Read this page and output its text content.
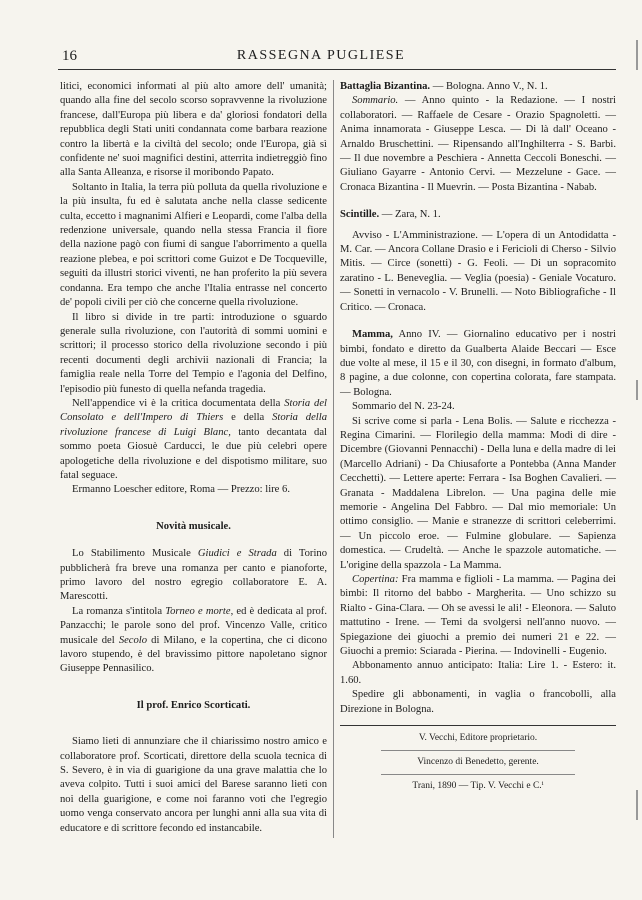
16	RASSEGNA PUGLIESE

litici, economici informati al più alto amore dell' umanità; quando alla fine del secolo scorso sopravvenne la rivoluzione francese, dall'Europa più libera e da' gloriosi fondatori della repubblica degli Stati uniti condannata come barbara reazione contro la libertà e la civiltà del secolo; onde l'Europa, già sì confidente ne' suoi magnifici destini, atterrita indietreggiò fino alla Santa Alleanza, e risorse il moribondo Papato.

Soltanto in Italia, la terra più polluta da quella rivoluzione e la più insulta, fu ed è salutata anche nella classe sedicente culta, eccetto i magnanimi Alfieri e Leopardi, come l'alba della redenzione universale, quando nella stessa Francia il fiore della nazione pagò con fiumi di sangue l'aborrimento a quella reazione plebea, e poi scrittori come Guizot e De Tocqueville, seguiti da illustri storici viventi, ne han proferito la più severa condanna. Era tempo che anche l'Italia entrasse nel concerto de' popoli civili per ciò che concerne quella rivoluzione.

Il libro si divide in tre parti: introduzione o sguardo generale sulla rivoluzione, con l'autorità di sommi uomini e scrittori; il processo storico della rivoluzione secondo i più recenti documenti degli archivii nazionali di Francia; la famiglia reale nella Torre del Tempio e l'agonia del Delfino, l'episodio più funesto di quella nefanda tragedia.

Nell'appendice vi è la critica documentata della Storia del Consolato e dell'Impero di Thiers e della Storia della rivoluzione francese di Luigi Blanc, tanto decantata dal sommo poeta Giosuè Carducci, le due più celebri opere apologetiche della rivoluzione e del dispotismo militare, suo fatal seguace.

Ermanno Loescher editore, Roma — Prezzo: lire 6.

Novità musicale.

Lo Stabilimento Musicale Giudici e Strada di Torino pubblicherà fra breve una romanza per canto e pianoforte, primo lavoro del nostro egregio collaboratore E. A. Marescotti.

La romanza s'intitola Torneo e morte, ed è dedicata al prof. Panzacchi; le parole sono del prof. Vincenzo Valle, critico musicale del Secolo di Milano, e la copertina, che ci dicono lavoro stupendo, è del bravissimo pittore napoletano signor Giuseppe Pennasilico.

Il prof. Enrico Scorticati.

Siamo lieti di annunziare che il chiarissimo nostro amico e collaboratore prof. Scorticati, direttore della scuola tecnica di S. Severo, è in via di guarigione da una grave malattia che lo aveva colpito. Tutti i suoi amici del Barese saranno lieti con noi della guarigione, e come noi faranno voti che l'egregio uomo venga conservato ancora per lunghi anni alla sua vita di educatore e di scrittore fecondo ed instancabile.

Battaglia Bizantina. — Bologna. Anno V., N. 1.

Sommario. — Anno quinto - la Redazione. — I nostri collaboratori. — Raffaele de Cesare - Orazio Spagnoletti. — Anima innamorata - Giuseppe Lesca. — Di là dall' Oceano - Arnaldo Bruschettini. — Ripensando all'Inghilterra - S. Barbi. — Il due novembre a Peschiera - Annetta Ceccoli Boneschi. — Giuliano Gayarre - Antonio Cervi. — Mezzelune - Gace. — Cronaca Bizantina - Il Muevrin. — Posta Bizantina - Nabab.

Scintille. — Zara, N. 1.

Avviso - L'Amministrazione. — L'opera di un Antodidatta - M. Car. — Ancora Collane Drasio e i Fericioli di Cherso - Silvio Mitis. — Circe (sonetti) - G. Feoli. — Di un sopracomito zaratino - L. Beneveglia. — Veglia (poesia) - Geniale Vocaturo. — Sonetti in vernacolo - V. Brunelli. — Noto Bibliografiche - Il Critico. — Cronaca.

Mamma, Anno IV. — Giornalino educativo per i nostri bimbi, fondato e diretto da Gualberta Alaide Beccari — Esce due volte al mese, il 15 e il 30, con disegni, in formato d'album, 8 pagine, a due colonne, con copertina colorata, fare stampata. — Bologna.

Sommario del N. 23-24.

Si scrive come si parla - Lena Bolis. — Salute e ricchezza - Regina Cimarini. — Florilegio della mamma: Modi di dire - Dicembre (Giovanni Pennacchi) - Della luna e della madre di lei (Marcello Adriani) - Da Chiusaforte a Pontebba (Anna Mander Cecchetti). — Lettere aperte: Ferrara - Isa Boghen Cavalieri. — Granata - Maddalena Librelon. — Una pagina delle mie memorie - Angelina Del Fabbro. — Dal mio memoriale: Un ottimo consiglio. — Manie e stranezze di scrittori celeberrimi. — Un piccolo eroe. — Fulmine globulare. — Sapienza domestica. — Crudeltà. — Anche le spazzole automatiche. — L'origine della spazzola - La Mamma.

Copertina: Fra mamma e figlioli - La mamma. — Pagina dei bimbi: Il ritorno del babbo - Margherita. — Uno schizzo su Rialto - Gina-Clara. — Oh se avessi le ali! - Eleonora. — Saluto mattutino - Irene. — Temi da svolgersi nell'anno nuovo. — Spiegazione dei giuochi a premio dei numeri 21 e 22. — Giuochi a premio: Sciarada - Pierina. — Indovinelli - Eugenio.

Abbonamento annuo anticipato: Italia: Lire 1. - Estero: it. 1.60.

Spedire gli abbonamenti, in vaglia o francobolli, alla Direzione in Bologna.

V. Vecchi, Editore proprietario.

Vincenzo di Benedetto, gerente.

Trani, 1890 — Tip. V. Vecchi e C.ⁱ
